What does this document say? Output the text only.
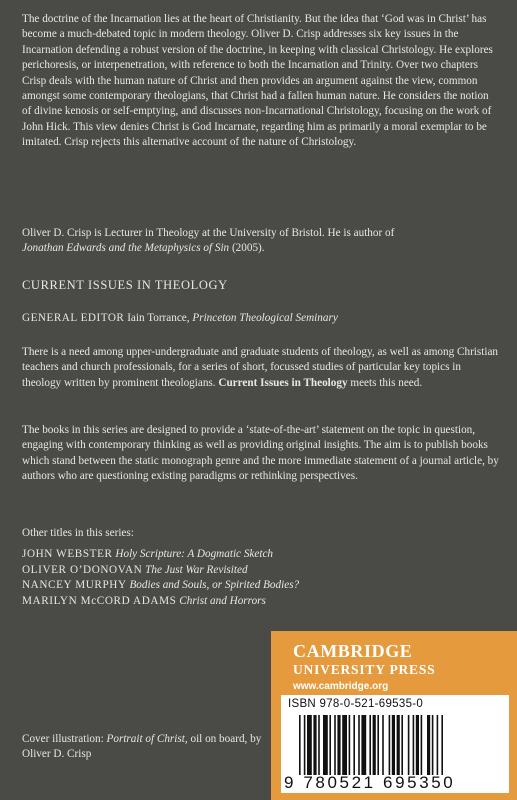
The doctrine of the Incarnation lies at the heart of Christianity. But the idea that ‘God was in Christ’ has become a much-debated topic in modern theology. Oliver D. Crisp addresses six key issues in the Incarnation defending a robust version of the doctrine, in keeping with classical Christology. He explores perichoresis, or interpenetration, with reference to both the Incarnation and Trinity. Over two chapters Crisp deals with the human nature of Christ and then provides an argument against the view, common amongst some contemporary theologians, that Christ had a fallen human nature. He considers the notion of divine kenosis or self-emptying, and discusses non-Incarnational Christology, focusing on the work of John Hick. This view denies Christ is God Incarnate, regarding him as primarily a moral exemplar to be imitated. Crisp rejects this alternative account of the nature of Christology.

Oliver D. Crisp is Lecturer in Theology at the University of Bristol. He is author of
Jonathan Edwards and the Metaphysics of Sin (2005).

CURRENT ISSUES IN THEOLOGY

GENERAL EDITOR Iain Torrance, Princeton Theological Seminary

There is a need among upper-undergraduate and graduate students of theology, as well as among Christian teachers and church professionals, for a series of short, focussed studies of particular key topics in theology written by prominent theologians. Current Issues in Theology meets this need.

The books in this series are designed to provide a ‘state-of-the-art’ statement on the topic in question, engaging with contemporary thinking as well as providing original insights. The aim is to publish books which stand between the static monograph genre and the more immediate statement of a journal article, by authors who are questioning existing paradigms or rethinking perspectives.

Other titles in this series:

JOHN WEBSTER Holy Scripture: A Dogmatic Sketch
OLIVER O’DONOVAN The Just War Revisited
NANCEY MURPHY Bodies and Souls, or Spirited Bodies?
MARILYN McCORD ADAMS Christ and Horrors

Cover illustration: Portrait of Christ, oil on board, by Oliver D. Crisp

CAMBRIDGE

UNIVERSITY PRESS

www.cambridge.org

ISBN 978-0-521-69535-0

9 780521 695350
